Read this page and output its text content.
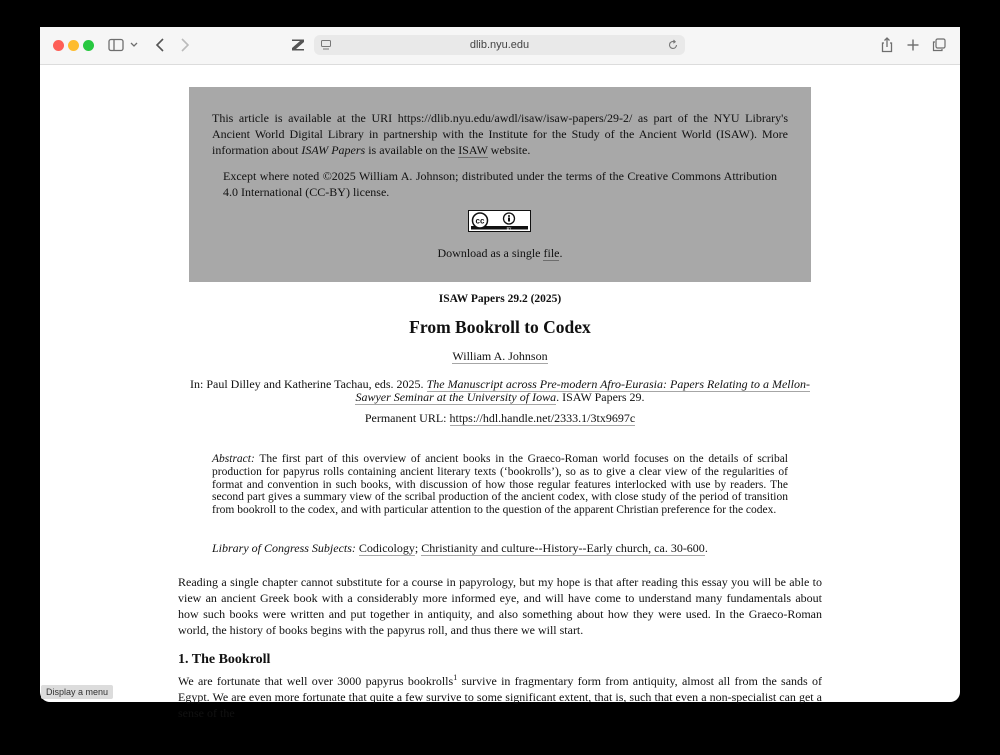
dlib.nyu.edu

This article is available at the URI https://dlib.nyu.edu/awdl/isaw/isaw-papers/29-2/ as part of the NYU Library's Ancient World Digital Library in partnership with the Institute for the Study of the Ancient World (ISAW). More information about ISAW Papers is available on the ISAW website.

Except where noted ©2025 William A. Johnson; distributed under the terms of the Creative Commons Attribution 4.0 International (CC-BY) license.

cc
BY

Download as a single file.

ISAW Papers 29.2 (2025)
From Bookroll to Codex
William A. Johnson
In: Paul Dilley and Katherine Tachau, eds. 2025. The Manuscript across Pre-modern Afro-Eurasia: Papers Relating to a Mellon-Sawyer Seminar at the University of Iowa. ISAW Papers 29.
Permanent URL: https://hdl.handle.net/2333.1/3tx9697c

Abstract: The first part of this overview of ancient books in the Graeco-Roman world focuses on the details of scribal production for papyrus rolls containing ancient literary texts (‘bookrolls’), so as to give a clear view of the regularities of format and convention in such books, with discussion of how those regular features interlocked with use by readers. The second part gives a summary view of the scribal production of the ancient codex, with close study of the period of transition from bookroll to the codex, and with particular attention to the question of the apparent Christian preference for the codex.

Library of Congress Subjects: Codicology; Christianity and culture--History--Early church, ca. 30-600.

Reading a single chapter cannot substitute for a course in papyrology, but my hope is that after reading this essay you will be able to view an ancient Greek book with a considerably more informed eye, and will have come to understand many fundamentals about how such books were written and put together in antiquity, and also something about how they were used. In the Graeco-Roman world, the history of books begins with the papyrus roll, and thus there we will start.

1. The Bookroll

We are fortunate that well over 3000 papyrus bookrolls$^1$ survive in fragmentary form from antiquity, almost all from the sands of Egypt. We are even more fortunate that quite a few survive to some significant extent, that is, such that even a non-specialist can get a sense of the

Display a menu
